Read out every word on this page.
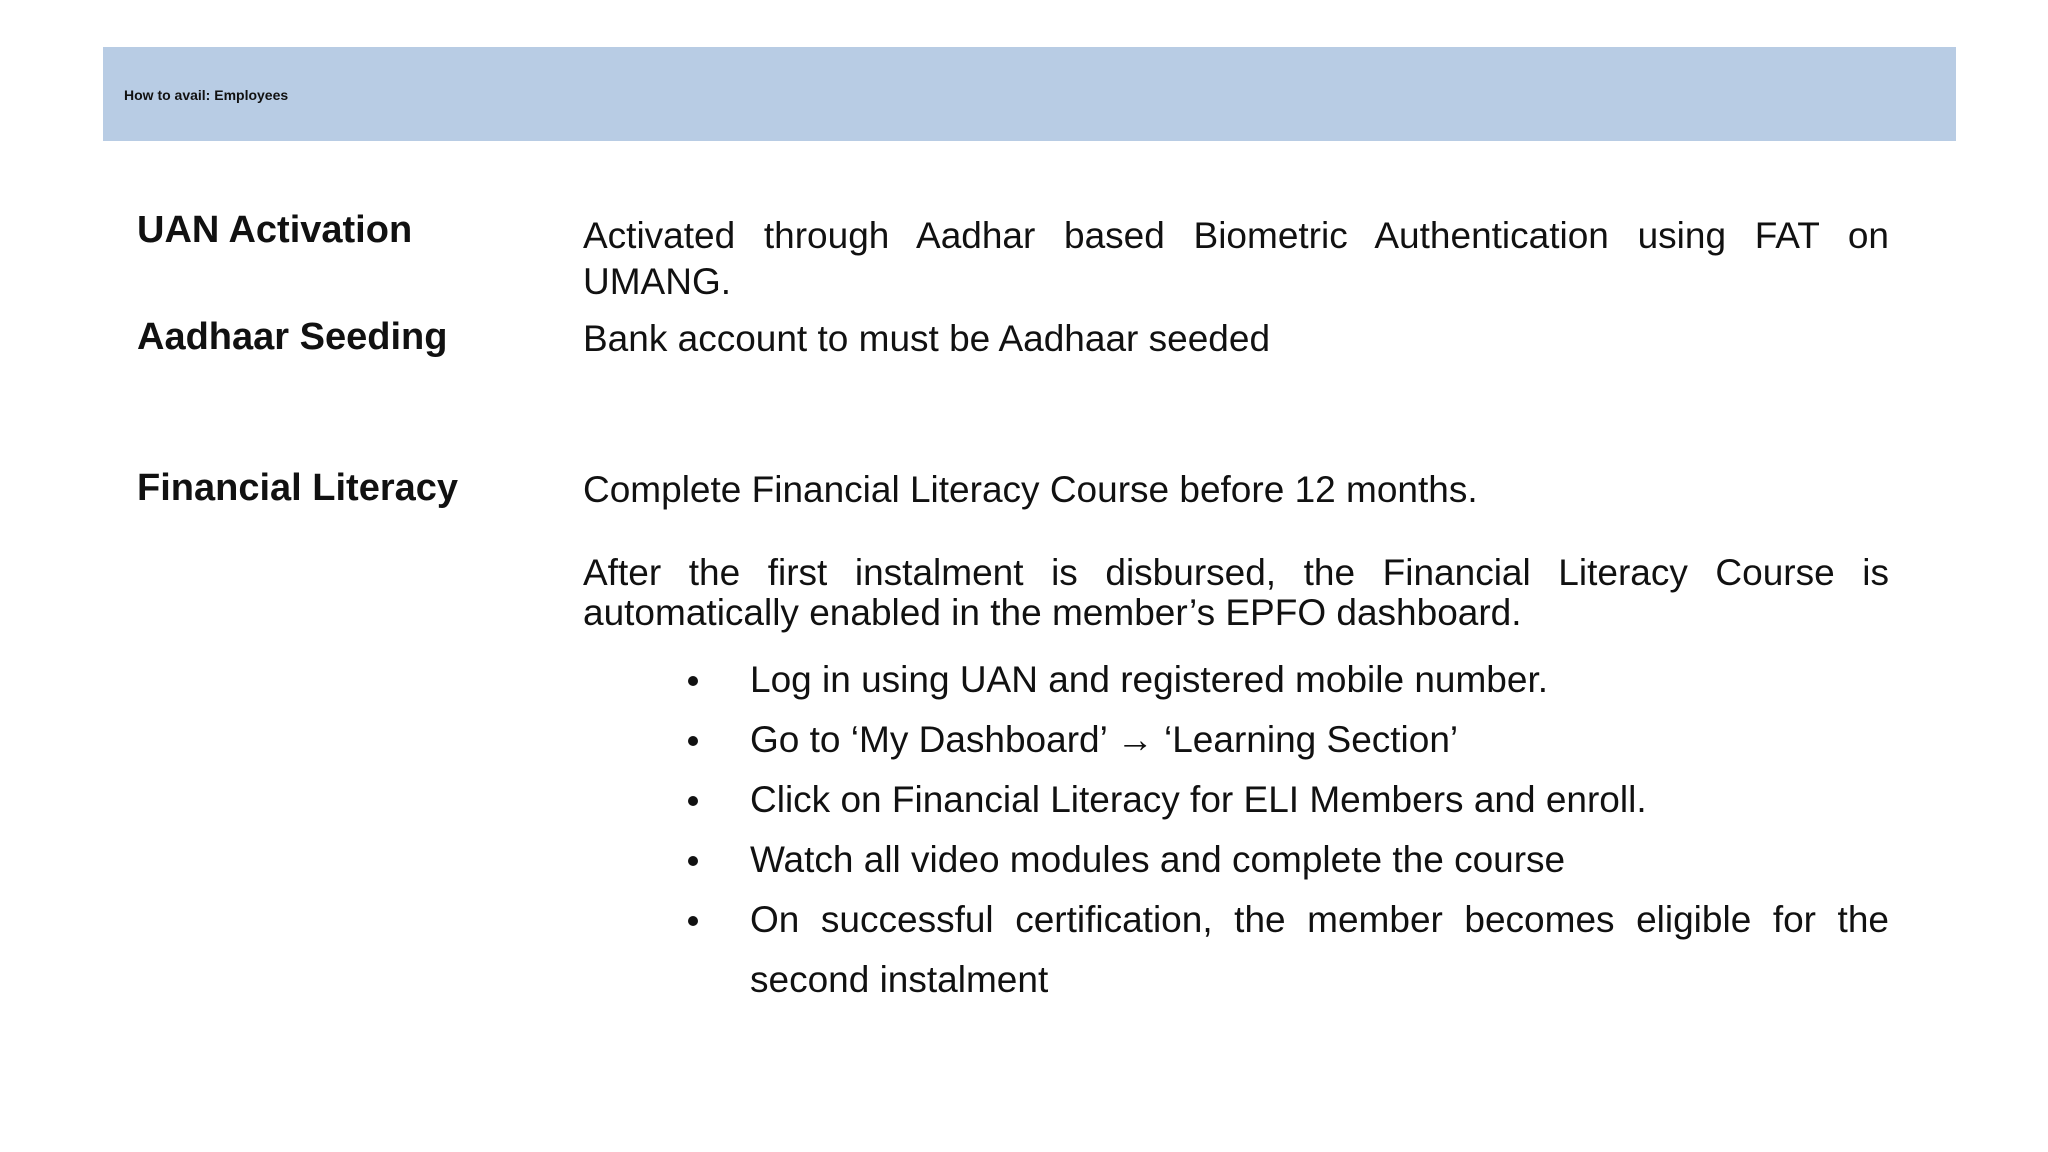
How to avail: Employees
UAN Activation	Activated through Aadhar based Biometric Authentication using FAT on UMANG.
Aadhaar Seeding	Bank account to must be Aadhaar seeded
Financial Literacy	Complete Financial Literacy Course before 12 months.
After the first instalment is disbursed, the Financial Literacy Course is automatically enabled in the member’s EPFO dashboard.
Log in using UAN and registered mobile number.
Go to ‘My Dashboard’ → ‘Learning Section’
Click on Financial Literacy for ELI Members and enroll.
Watch all video modules and complete the course
On successful certification, the member becomes eligible for the second instalment
